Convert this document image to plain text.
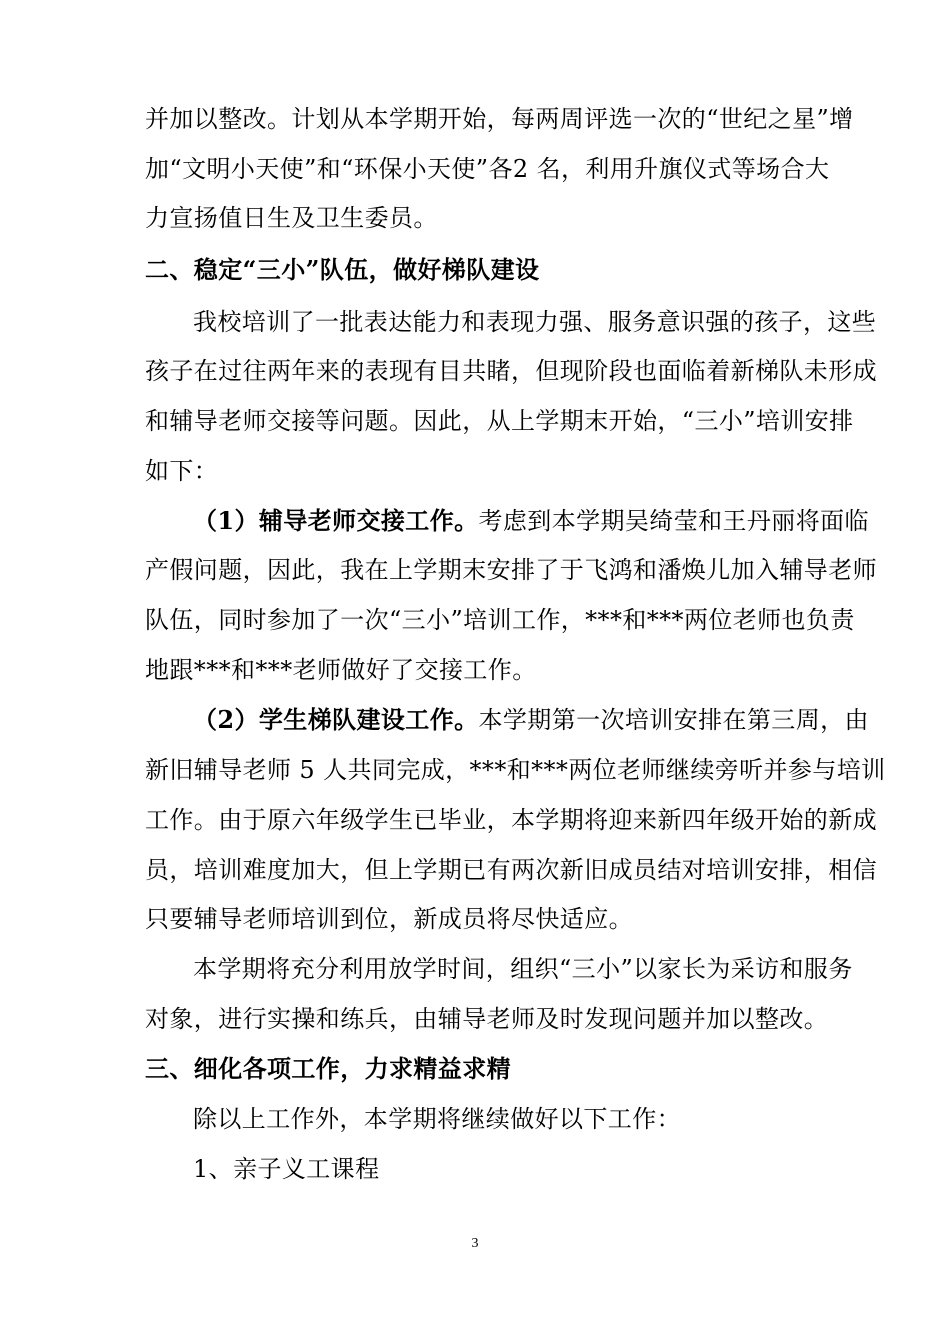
并加以整改。计划从本学期开始，每两周评选一次的“世纪之星”增
加“文明小天使”和“环保小天使”各2 名，利用升旗仪式等场合大
力宣扬值日生及卫生委员。
二、稳定“三小”队伍，做好梯队建设
我校培训了一批表达能力和表现力强、服务意识强的孩子，这些
孩子在过往两年来的表现有目共睹，但现阶段也面临着新梯队未形成
和辅导老师交接等问题。因此，从上学期末开始，“三小”培训安排
如下：
（1）辅导老师交接工作。考虑到本学期吴绮莹和王丹丽将面临
产假问题，因此，我在上学期末安排了于飞鸿和潘焕儿加入辅导老师
队伍，同时参加了一次“三小”培训工作，***和***两位老师也负责
地跟***和***老师做好了交接工作。
（2）学生梯队建设工作。本学期第一次培训安排在第三周，由
新旧辅导老师 5 人共同完成，***和***两位老师继续旁听并参与培训
工作。由于原六年级学生已毕业，本学期将迎来新四年级开始的新成
员，培训难度加大，但上学期已有两次新旧成员结对培训安排，相信
只要辅导老师培训到位，新成员将尽快适应。
本学期将充分利用放学时间，组织“三小”以家长为采访和服务
对象，进行实操和练兵，由辅导老师及时发现问题并加以整改。
三、细化各项工作，力求精益求精
除以上工作外，本学期将继续做好以下工作：
1、亲子义工课程
3
